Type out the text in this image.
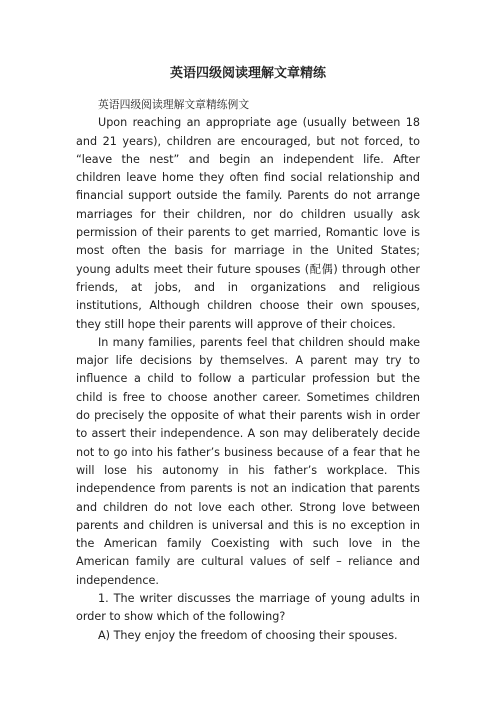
英语四级阅读理解文章精练

英语四级阅读理解文章精练例文

Upon reaching an appropriate age (usually between 18 and 21 years), children are encouraged, but not forced, to “leave the nest” and begin an independent life. After children leave home they often find social relationship and financial support outside the family. Parents do not arrange marriages for their children, nor do children usually ask permission of their parents to get married, Romantic love is most often the basis for marriage in the United States; young adults meet their future spouses (配偶) through other friends, at jobs, and in organizations and religious institutions, Although children choose their own spouses, they still hope their parents will approve of their choices.

In many families, parents feel that children should make major life decisions by themselves. A parent may try to influence a child to follow a particular profession but the child is free to choose another career. Sometimes children do precisely the opposite of what their parents wish in order to assert their independence. A son may deliberately decide not to go into his father’s business because of a fear that he will lose his autonomy in his father’s workplace. This independence from parents is not an indication that parents and children do not love each other. Strong love between parents and children is universal and this is no exception in the American family Coexisting with such love in the American family are cultural values of self – reliance and independence.

1. The writer discusses the marriage of young adults in order to show which of the following?

A) They enjoy the freedom of choosing their spouses.
